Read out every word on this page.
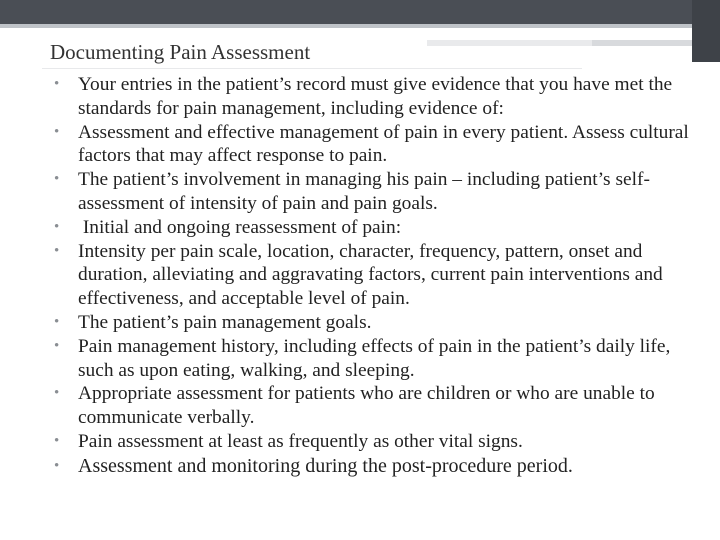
Documenting Pain Assessment
• Your entries in the patient’s record must give evidence that you have met the standards for pain management, including evidence of:
• Assessment and effective management of pain in every patient. Assess cultural factors that may affect response to pain.
• The patient’s involvement in managing his pain – including patient’s self-assessment of intensity of pain and pain goals.
• Initial and ongoing reassessment of pain:
• Intensity per pain scale, location, character, frequency, pattern, onset and duration, alleviating and aggravating factors, current pain interventions and effectiveness, and acceptable level of pain.
• The patient’s pain management goals.
• Pain management history, including effects of pain in the patient’s daily life, such as upon eating, walking, and sleeping.
• Appropriate assessment for patients who are children or who are unable to communicate verbally.
• Pain assessment at least as frequently as other vital signs.
• Assessment and monitoring during the post-procedure period.
